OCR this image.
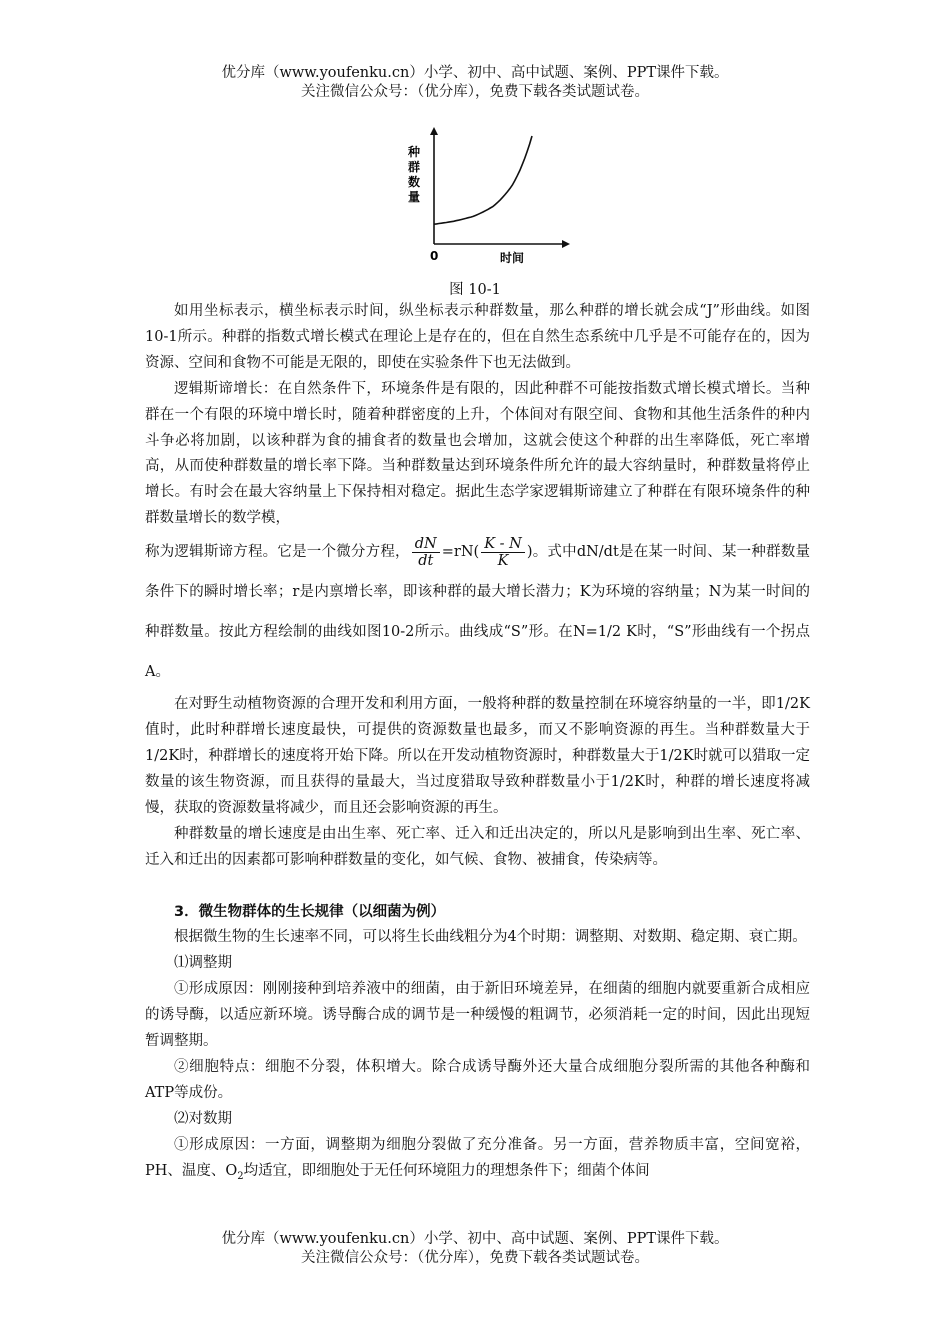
优分库（www.youfenku.cn）小学、初中、高中试题、案例、PPT课件下载。
关注微信公众号：（优分库），免费下载各类试题试卷。
种
群
数
量
0	时间
图 10-1

如用坐标表示，横坐标表示时间，纵坐标表示种群数量，那么种群的增长就会成“J”形曲线。如图10-1所示。种群的指数式增长模式在理论上是存在的，但在自然生态系统中几乎是不可能存在的，因为资源、空间和食物不可能是无限的，即使在实验条件下也无法做到。

逻辑斯谛增长：在自然条件下，环境条件是有限的，因此种群不可能按指数式增长模式增长。当种群在一个有限的环境中增长时，随着种群密度的上升，个体间对有限空间、食物和其他生活条件的种内斗争必将加剧，以该种群为食的捕食者的数量也会增加，这就会使这个种群的出生率降低，死亡率增高，从而使种群数量的增长率下降。当种群数量达到环境条件所允许的最大容纳量时，种群数量将停止增长。有时会在最大容纳量上下保持相对稳定。据此生态学家逻辑斯谛建立了种群在有限环境条件的种群数量增长的数学模，

称为逻辑斯谛方程。它是一个微分方程， $\frac{dN}{dt} =rN( \frac{K - N}{K}$ )。式中dN/dt是在某一时间、某一种群数量条件下的瞬时增长率；r是内禀增长率，即该种群的最大增长潜力；K为环境的容纳量；N为某一时间的种群数量。按此方程绘制的曲线如图10-2所示。曲线成“S”形。在N=1/2 K时，“S”形曲线有一个拐点A。

在对野生动植物资源的合理开发和利用方面，一般将种群的数量控制在环境容纳量的一半，即1/2K值时，此时种群增长速度最快，可提供的资源数量也最多，而又不影响资源的再生。当种群数量大于1/2K时，种群增长的速度将开始下降。所以在开发动植物资源时，种群数量大于1/2K时就可以猎取一定数量的该生物资源，而且获得的量最大，当过度猎取导致种群数量小于1/2K时，种群的增长速度将减慢，获取的资源数量将减少，而且还会影响资源的再生。

种群数量的增长速度是由出生率、死亡率、迁入和迁出决定的，所以凡是影响到出生率、死亡率、迁入和迁出的因素都可影响种群数量的变化，如气候、食物、被捕食，传染病等。

3．微生物群体的生长规律（以细菌为例）

根据微生物的生长速率不同，可以将生长曲线粗分为4个时期：调整期、对数期、稳定期、衰亡期。

⑴调整期

①形成原因：刚刚接种到培养液中的细菌，由于新旧环境差异，在细菌的细胞内就要重新合成相应的诱导酶，以适应新环境。诱导酶合成的调节是一种缓慢的粗调节，必须消耗一定的时间，因此出现短暂调整期。

②细胞特点：细胞不分裂，体积增大。除合成诱导酶外还大量合成细胞分裂所需的其他各种酶和ATP等成份。

⑵对数期

①形成原因：一方面，调整期为细胞分裂做了充分准备。另一方面，营养物质丰富，空间宽裕，PH、温度、$O_2$均适宜，即细胞处于无任何环境阻力的理想条件下；细菌个体间

优分库（www.youfenku.cn）小学、初中、高中试题、案例、PPT课件下载。
关注微信公众号：（优分库），免费下载各类试题试卷。
